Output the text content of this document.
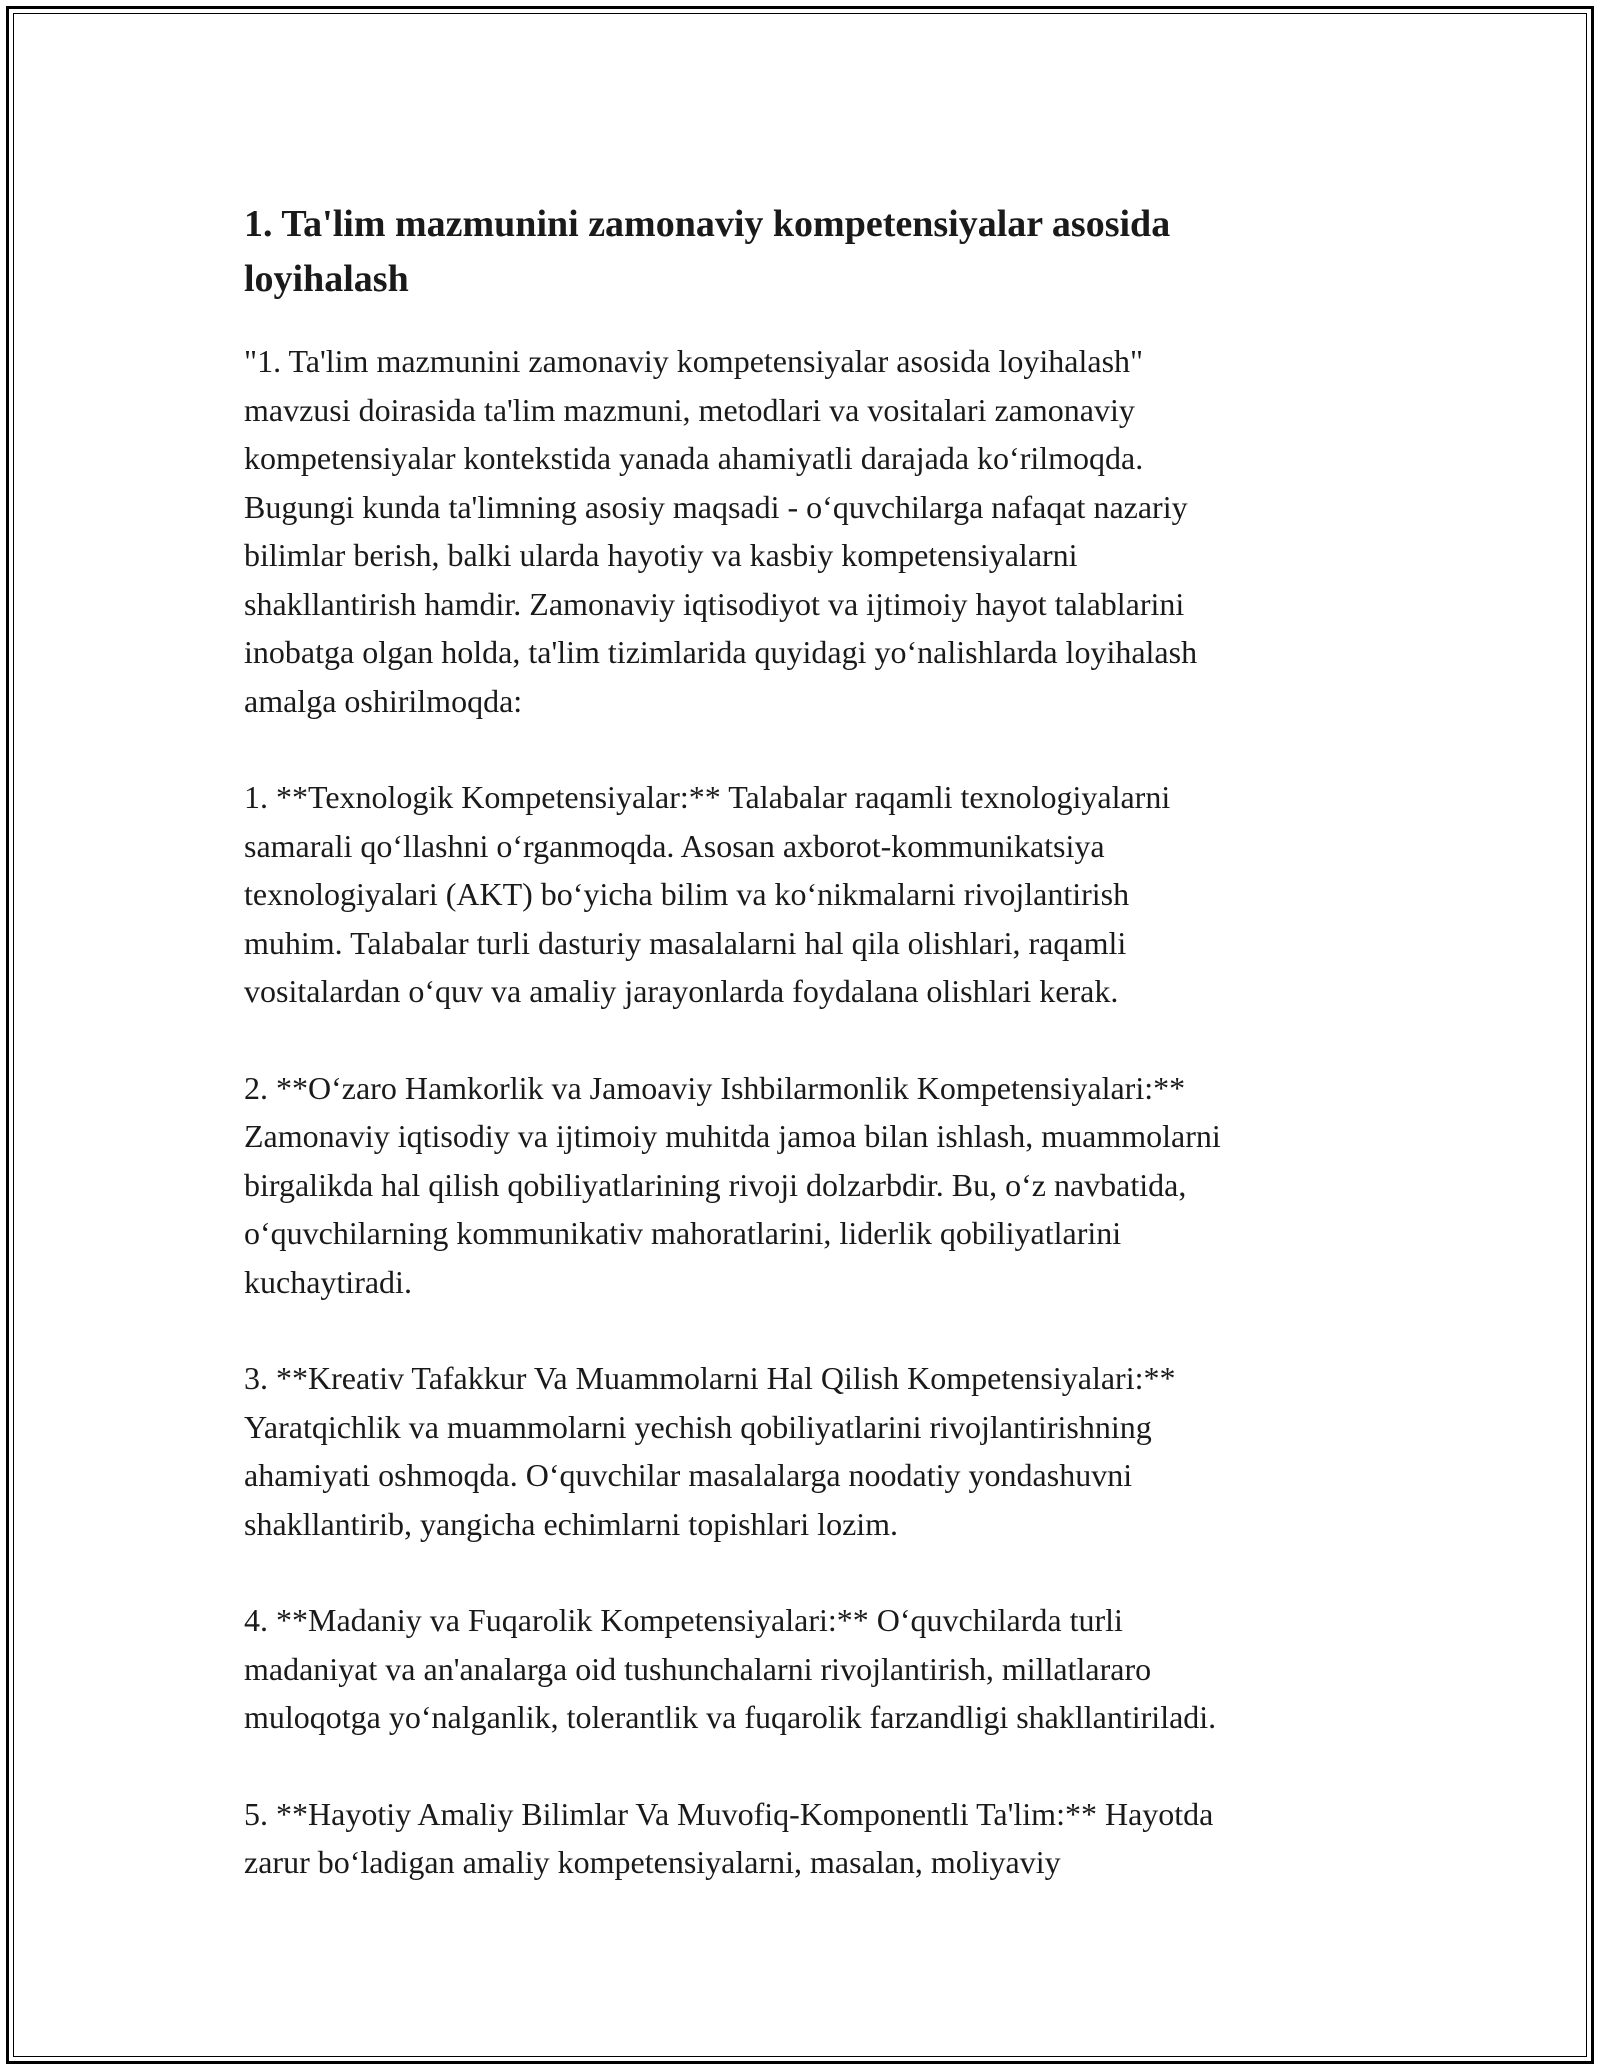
1. Ta'lim mazmunini zamonaviy kompetensiyalar asosida
loyihalash

"1. Ta'lim mazmunini zamonaviy kompetensiyalar asosida loyihalash"
mavzusi doirasida ta'lim mazmuni, metodlari va vositalari zamonaviy
kompetensiyalar kontekstida yanada ahamiyatli darajada ko‘rilmoqda.
Bugungi kunda ta'limning asosiy maqsadi - o‘quvchilarga nafaqat nazariy
bilimlar berish, balki ularda hayotiy va kasbiy kompetensiyalarni
shakllantirish hamdir. Zamonaviy iqtisodiyot va ijtimoiy hayot talablarini
inobatga olgan holda, ta'lim tizimlarida quyidagi yo‘nalishlarda loyihalash
amalga oshirilmoqda:

1. **Texnologik Kompetensiyalar:** Talabalar raqamli texnologiyalarni
samarali qo‘llashni o‘rganmoqda. Asosan axborot-kommunikatsiya
texnologiyalari (AKT) bo‘yicha bilim va ko‘nikmalarni rivojlantirish
muhim. Talabalar turli dasturiy masalalarni hal qila olishlari, raqamli
vositalardan o‘quv va amaliy jarayonlarda foydalana olishlari kerak.

2. **O‘zaro Hamkorlik va Jamoaviy Ishbilarmonlik Kompetensiyalari:**
Zamonaviy iqtisodiy va ijtimoiy muhitda jamoa bilan ishlash, muammolarni
birgalikda hal qilish qobiliyatlarining rivoji dolzarbdir. Bu, o‘z navbatida,
o‘quvchilarning kommunikativ mahoratlarini, liderlik qobiliyatlarini
kuchaytiradi.

3. **Kreativ Tafakkur Va Muammolarni Hal Qilish Kompetensiyalari:**
Yaratqichlik va muammolarni yechish qobiliyatlarini rivojlantirishning
ahamiyati oshmoqda. O‘quvchilar masalalarga noodatiy yondashuvni
shakllantirib, yangicha echimlarni topishlari lozim.

4. **Madaniy va Fuqarolik Kompetensiyalari:** O‘quvchilarda turli
madaniyat va an'analarga oid tushunchalarni rivojlantirish, millatlararo
muloqotga yo‘nalganlik, tolerantlik va fuqarolik farzandligi shakllantiriladi.

5. **Hayotiy Amaliy Bilimlar Va Muvofiq-Komponentli Ta'lim:** Hayotda
zarur bo‘ladigan amaliy kompetensiyalarni, masalan, moliyaviy
